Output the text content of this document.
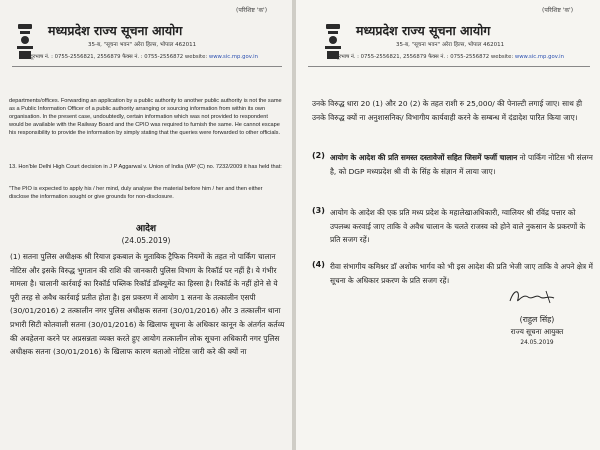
मध्यप्रदेश राज्य सूचना आयोग
(परिशिष्ट 'क')
35-ब, "सूचना भवन" अरेरा हिल्स, भोपाल 462011
दूरभाष नं. : 0755-2556821, 2556879 फैक्स नं. : 0755-2556872 website: www.sic.mp.gov.in

departments/offices. Forwarding an application by a public authority to another public authority is not the same as a Public Information Officer of a public authority arranging or sourcing information from within its own organisation. In the present case, undoubtedly, certain information which was not provided to respondent would be available with the Railway Board and the CPIO was required to furnish the same. He cannot escape his responsibility to provide the information by simply stating that the queries were forwarded to other officials.

13. Hon'ble Delhi High Court decision in J P Aggarwal v. Union of India (WP (C) no. 7232/2009 it has held that:

"The PIO is expected to apply his / her mind, duly analyse the material before him / her and then either disclose the information sought or give grounds for non-disclosure.

आदेश
(24.05.2019)

(1) सतना पुलिस अधीक्षक श्री रियाज इकबाल के मुताबिक ट्रैफिक नियमों के तहत नो पार्किंग चालान नोटिस और इसके विरुद्ध भुगतान की राशि की जानकारी पुलिस विभाग के रिकॉर्ड पर नहीं है। ये गंभीर मामला है। चालानी कार्रवाई का रिकॉर्ड पब्लिक रिकॉर्ड डॉक्यूमेंट का हिस्सा है। रिकॉर्ड के नहीं होने से ये पूरी तरह से अवैध कार्रवाई प्रतीत होता है। इस प्रकरण में आयोग 1 सतना के तत्कालीन एसपी (30/01/2016) 2 तत्कालीन नगर पुलिस अधीक्षक सतना (30/01/2016) और 3 तत्कालीन थाना प्रभारी सिटी कोतवाली सतना (30/01/2016) के खिलाफ सूचना के अधिकार कानून के अंतर्गत कर्तव्य की अवहेलना करने पर अप्रसन्नता व्यक्त करते हुए आयोग तत्कालीन लोक सूचना अधिकारी नगर पुलिस अधीक्षक सतना (30/01/2016) के खिलाफ कारण बताओ नोटिस जारी करे की क्यों ना

मध्यप्रदेश राज्य सूचना आयोग
(परिशिष्ट 'क')
35-ब, "सूचना भवन" अरेरा हिल्स, भोपाल 462011
दूरभाष नं. : 0755-2556821, 2556879 फैक्स नं. : 0755-2556872 website: www.sic.mp.gov.in

उनके विरुद्ध धारा 20 (1) और 20 (2) के तहत राशी रु 25,000/ की पेनाल्टी लगाई जाए। साथ ही उनके विरुद्ध क्यों ना अनुशासनिक/ विभागीय कार्यवाही करने के सम्बन्ध में दंडादेश पारित किया जाए।

(2) आयोग के आदेश की प्रति समस्त दस्तावेजों सहित जिसमें फर्जी चालान नो पार्किंग नोटिस भी संलग्न है, को DGP मध्यप्रदेश श्री वी के सिंह के संज्ञान में लाया जाए।

(3) आयोग के आदेश की एक प्रति मध्य प्रदेश के महालेखाअधिकारी, ग्वालियर श्री रविंद्र पत्तार को उपलब्ध करवाई जाए ताकि वे अवैध चालान के चलते राजस्व को होने वाले नुकसान के प्रकरणों के प्रति सजग रहें।

(4) रीवा संभागीय कमिश्नर डॉ अशोक भार्गव को भी इस आदेश की प्रति भेजी जाए ताकि वे अपने क्षेत्र में सूचना के अधिकार प्रकरण के प्रति सजग रहें।

(राहुल सिंह)
राज्य सूचना आयुक्त
24.05.2019
